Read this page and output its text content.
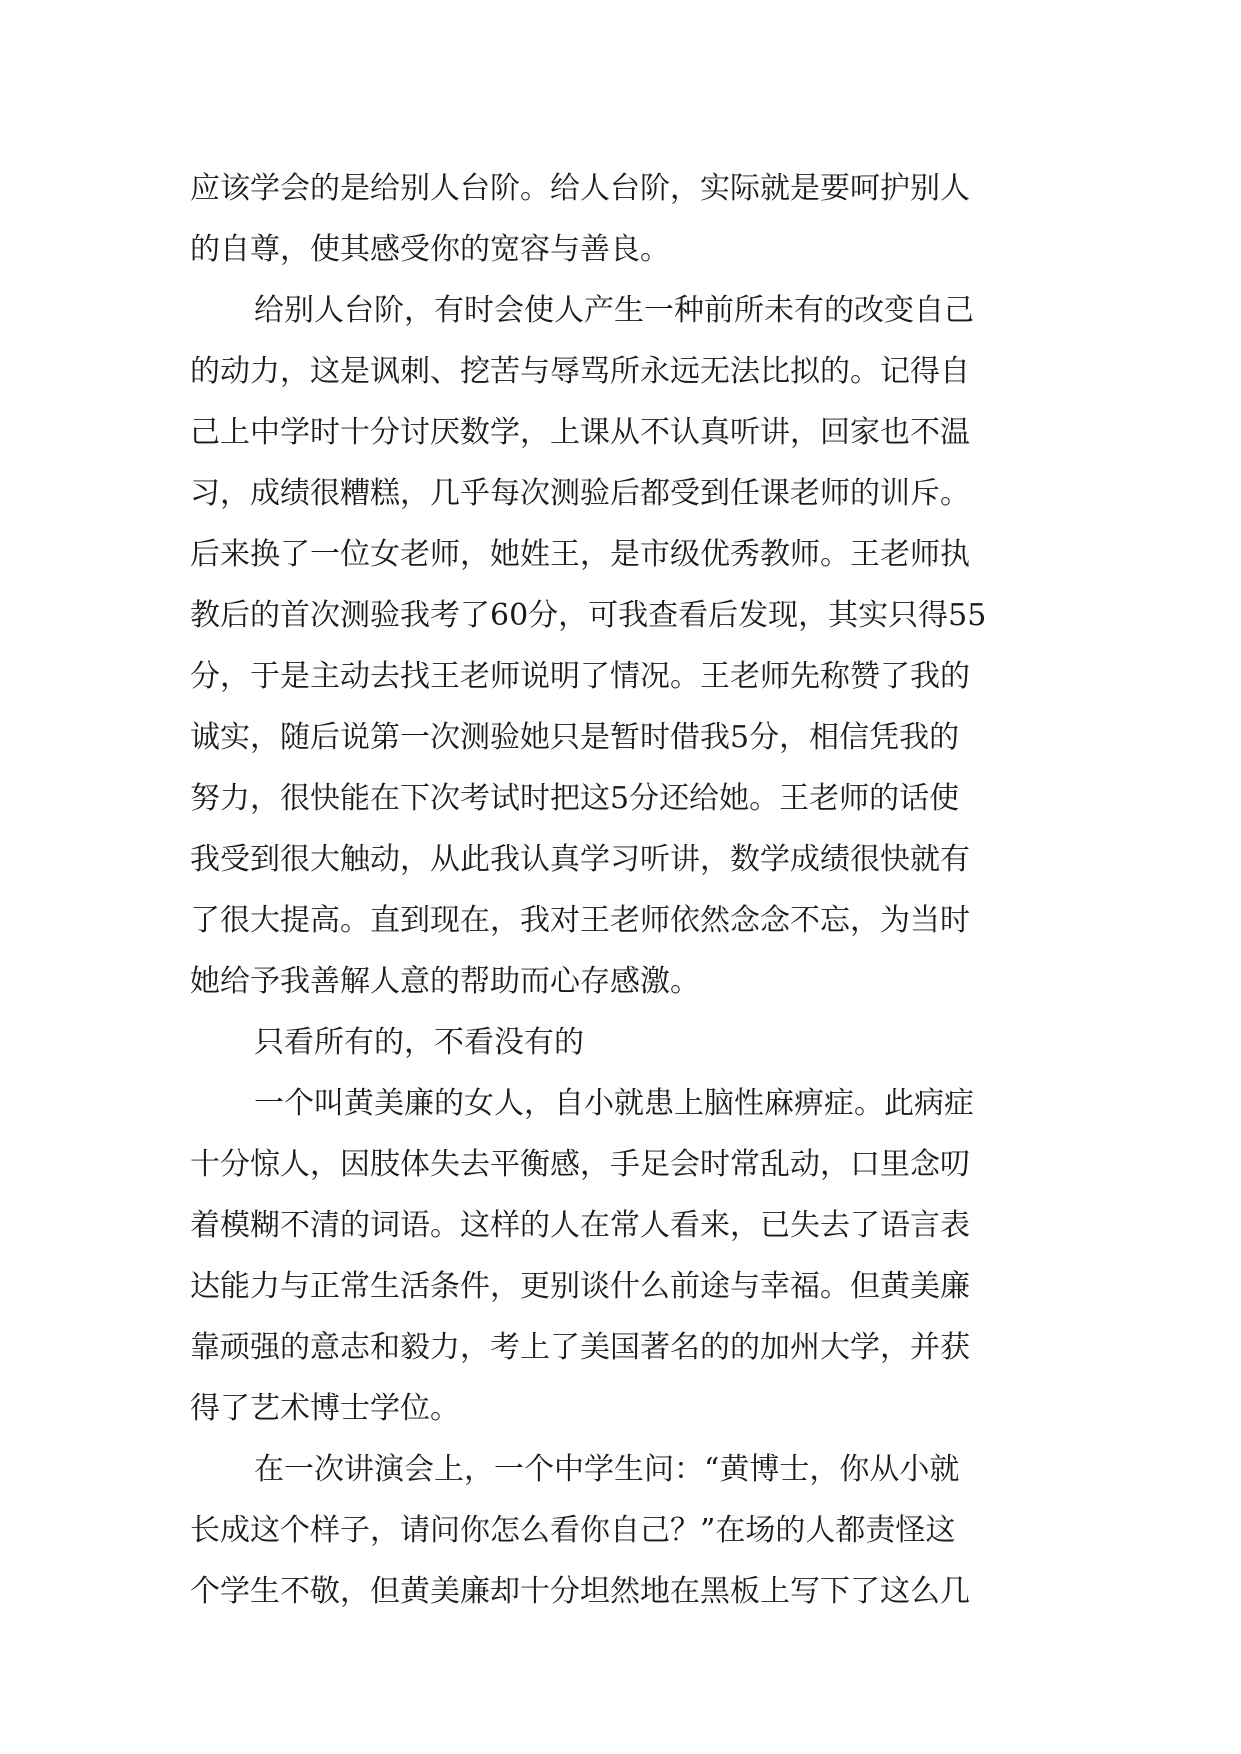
应该学会的是给别人台阶。给人台阶，实际就是要呵护别人
的自尊，使其感受你的宽容与善良。
给别人台阶，有时会使人产生一种前所未有的改变自己
的动力，这是讽刺、挖苦与辱骂所永远无法比拟的。记得自
己上中学时十分讨厌数学，上课从不认真听讲，回家也不温
习，成绩很糟糕，几乎每次测验后都受到任课老师的训斥。
后来换了一位女老师，她姓王，是市级优秀教师。王老师执
教后的首次测验我考了60分，可我查看后发现，其实只得55
分，于是主动去找王老师说明了情况。王老师先称赞了我的
诚实，随后说第一次测验她只是暂时借我5分，相信凭我的
努力，很快能在下次考试时把这5分还给她。王老师的话使
我受到很大触动，从此我认真学习听讲，数学成绩很快就有
了很大提高。直到现在，我对王老师依然念念不忘，为当时
她给予我善解人意的帮助而心存感激。
只看所有的，不看没有的
一个叫黄美廉的女人，自小就患上脑性麻痹症。此病症
十分惊人，因肢体失去平衡感，手足会时常乱动，口里念叨
着模糊不清的词语。这样的人在常人看来，已失去了语言表
达能力与正常生活条件，更别谈什么前途与幸福。但黄美廉
靠顽强的意志和毅力，考上了美国著名的的加州大学，并获
得了艺术博士学位。
在一次讲演会上，一个中学生问：“黄博士，你从小就
长成这个样子，请问你怎么看你自己？”在场的人都责怪这
个学生不敬，但黄美廉却十分坦然地在黑板上写下了这么几
